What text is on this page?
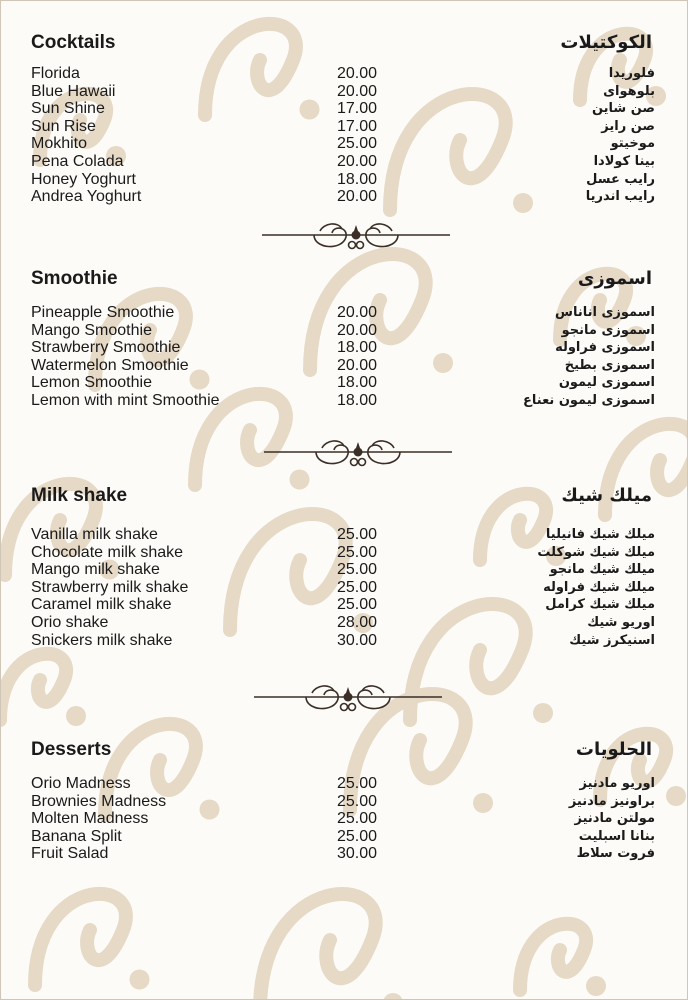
Cocktails	الكوكتيلات
Florida	20.00	فلوريدا
Blue Hawaii	20.00	بلوهواى
Sun Shine	17.00	صن شاين
Sun Rise	17.00	صن رايز
Mokhito	25.00	موخيتو
Pena Colada	20.00	بينا كولادا
Honey Yoghurt	18.00	رايب عسل
Andrea Yoghurt	20.00	رايب اندريا
Smoothie	اسموزى
Pineapple Smoothie	20.00	اسموزى اناناس
Mango Smoothie	20.00	اسموزى مانجو
Strawberry Smoothie	18.00	اسموزى فراوله
Watermelon Smoothie	20.00	اسموزى بطيخ
Lemon Smoothie	18.00	اسموزى ليمون
Lemon with mint Smoothie	18.00	اسموزى ليمون نعناع
Milk shake	ميلك شيك
Vanilla milk shake	25.00	ميلك شيك فانيليا
Chocolate milk shake	25.00	ميلك شيك شوكلت
Mango milk shake	25.00	ميلك شيك مانجو
Strawberry milk shake	25.00	ميلك شيك فراوله
Caramel milk shake	25.00	ميلك شيك كرامل
Orio shake	28.00	اوريو شيك
Snickers milk shake	30.00	اسنيكرز شيك
Desserts	الحلويات
Orio Madness	25.00	اوريو مادنيز
Brownies Madness	25.00	براونيز مادنيز
Molten Madness	25.00	مولتن مادنيز
Banana Split	25.00	بنانا اسبليت
Fruit Salad	30.00	فروت سلاط
